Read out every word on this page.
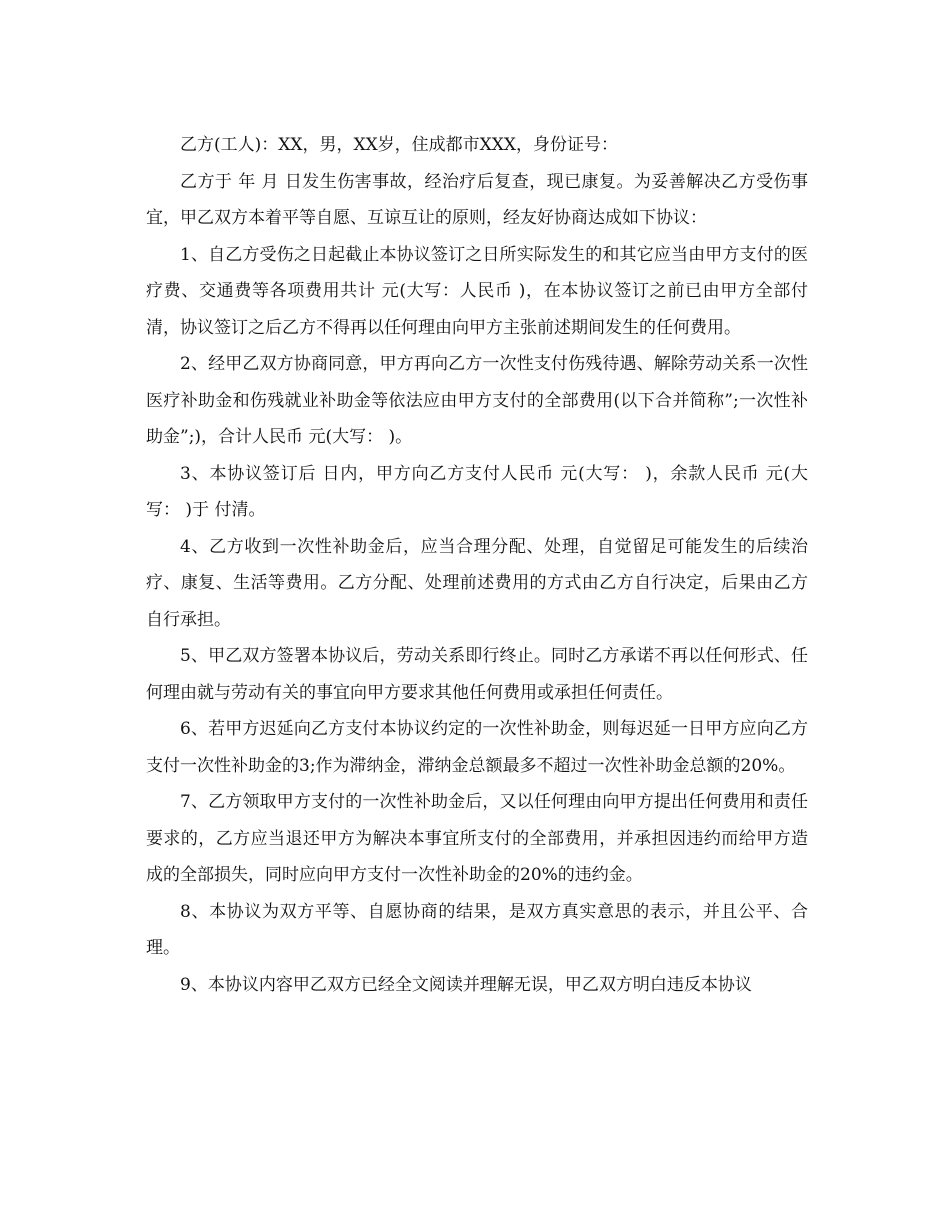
乙方(工人)：XX，男，XX岁，住成都市XXX，身份证号：

乙方于 年 月 日发生伤害事故，经治疗后复查，现已康复。为妥善解决乙方受伤事宜，甲乙双方本着平等自愿、互谅互让的原则，经友好协商达成如下协议：

1、自乙方受伤之日起截止本协议签订之日所实际发生的和其它应当由甲方支付的医疗费、交通费等各项费用共计 元(大写：人民币 )，在本协议签订之前已由甲方全部付清，协议签订之后乙方不得再以任何理由向甲方主张前述期间发生的任何费用。

2、经甲乙双方协商同意，甲方再向乙方一次性支付伤残待遇、解除劳动关系一次性医疗补助金和伤残就业补助金等依法应由甲方支付的全部费用(以下合并简称”;一次性补助金”;)，合计人民币 元(大写： )。

3、本协议签订后 日内，甲方向乙方支付人民币 元(大写： )，余款人民币 元(大写： )于 付清。

4、乙方收到一次性补助金后，应当合理分配、处理，自觉留足可能发生的后续治疗、康复、生活等费用。乙方分配、处理前述费用的方式由乙方自行决定，后果由乙方自行承担。

5、甲乙双方签署本协议后，劳动关系即行终止。同时乙方承诺不再以任何形式、任何理由就与劳动有关的事宜向甲方要求其他任何费用或承担任何责任。

6、若甲方迟延向乙方支付本协议约定的一次性补助金，则每迟延一日甲方应向乙方支付一次性补助金的3;作为滞纳金，滞纳金总额最多不超过一次性补助金总额的20%。

7、乙方领取甲方支付的一次性补助金后，又以任何理由向甲方提出任何费用和责任要求的，乙方应当退还甲方为解决本事宜所支付的全部费用，并承担因违约而给甲方造成的全部损失，同时应向甲方支付一次性补助金的20%的违约金。

8、本协议为双方平等、自愿协商的结果，是双方真实意思的表示，并且公平、合理。

9、本协议内容甲乙双方已经全文阅读并理解无误，甲乙双方明白违反本协议
